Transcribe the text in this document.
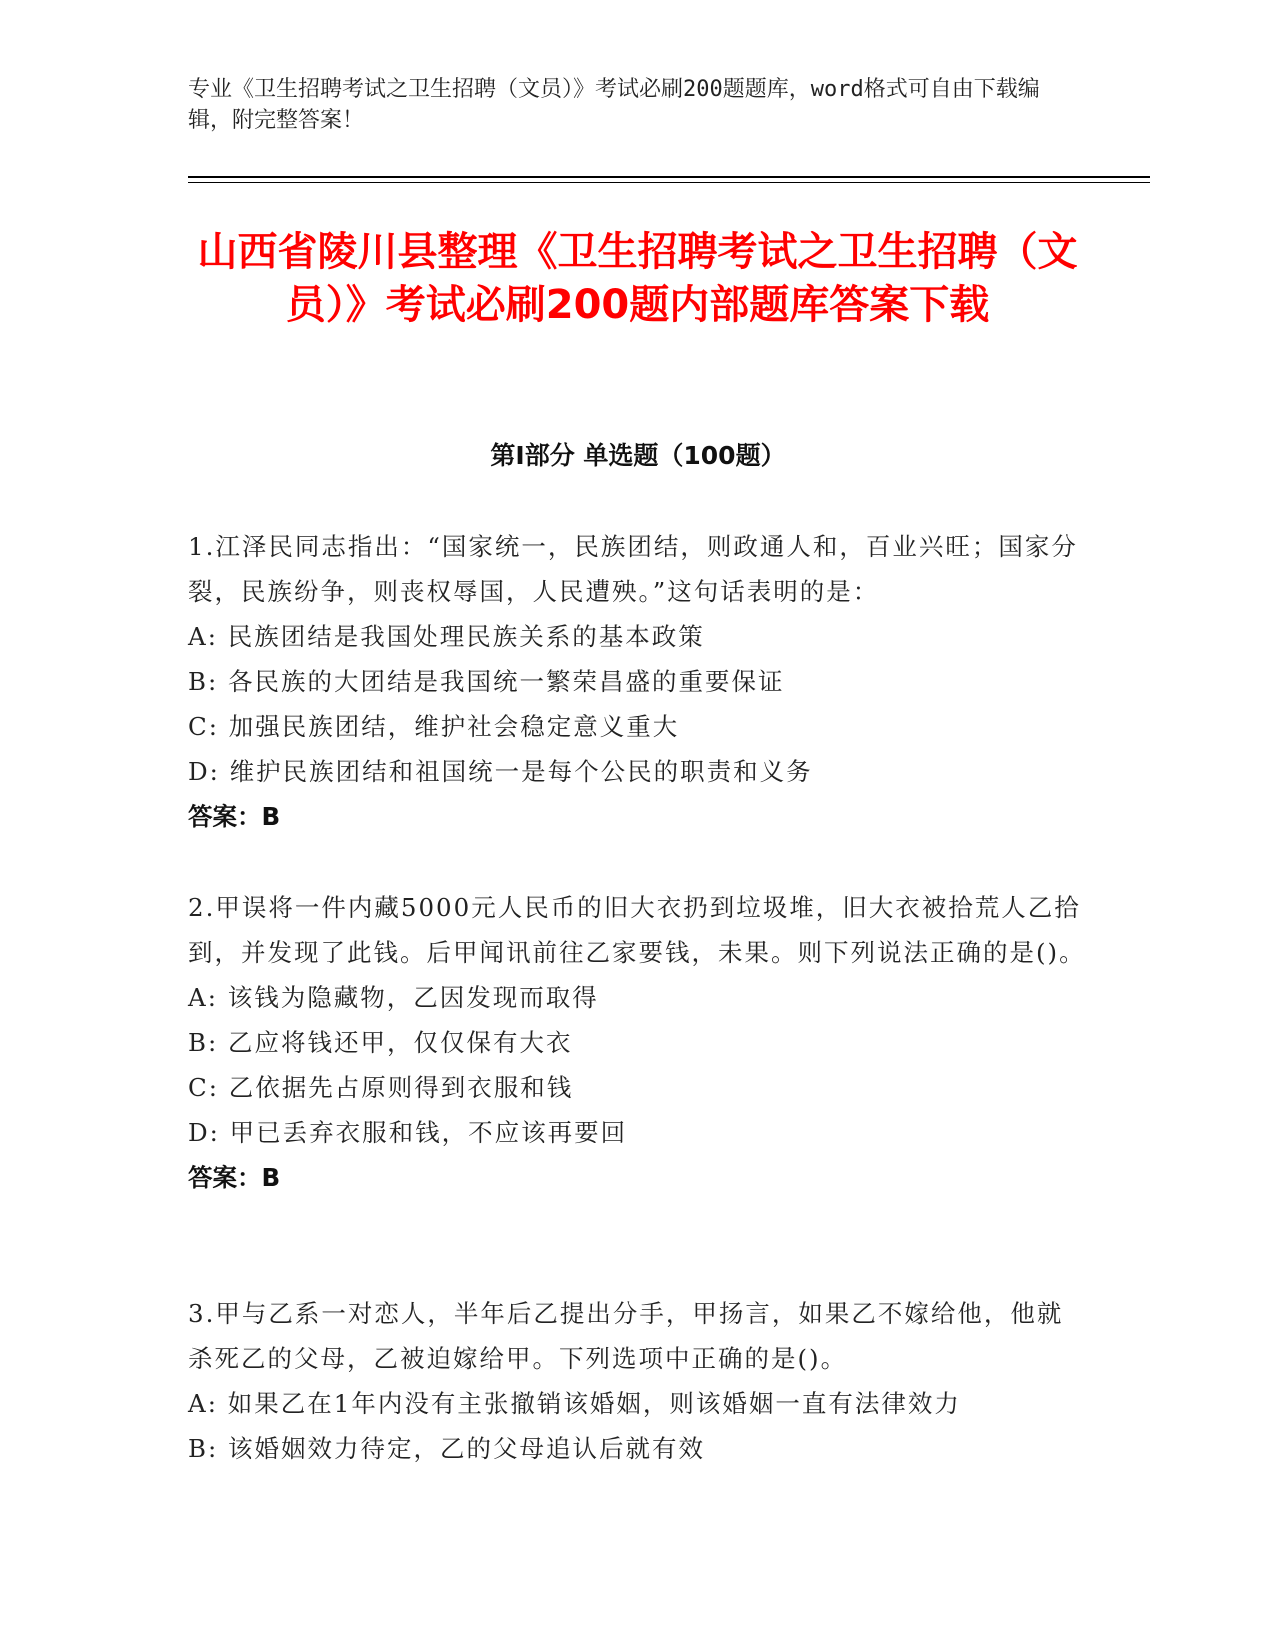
专业《卫生招聘考试之卫生招聘（文员）》考试必刷200题题库，word格式可自由下载编辑，附完整答案！
山西省陵川县整理《卫生招聘考试之卫生招聘（文员）》考试必刷200题内部题库答案下载
第Ⅰ部分 单选题（100题）

1.江泽民同志指出：“国家统一，民族团结，则政通人和，百业兴旺；国家分裂，民族纷争，则丧权辱国，人民遭殃。”这句话表明的是：

A: 民族团结是我国处理民族关系的基本政策

B: 各民族的大团结是我国统一繁荣昌盛的重要保证

C: 加强民族团结，维护社会稳定意义重大

D: 维护民族团结和祖国统一是每个公民的职责和义务

答案：B

2.甲误将一件内藏5000元人民币的旧大衣扔到垃圾堆，旧大衣被拾荒人乙拾到，并发现了此钱。后甲闻讯前往乙家要钱，未果。则下列说法正确的是()。

A: 该钱为隐藏物，乙因发现而取得

B: 乙应将钱还甲，仅仅保有大衣

C: 乙依据先占原则得到衣服和钱

D: 甲已丢弃衣服和钱，不应该再要回

答案：B

3.甲与乙系一对恋人，半年后乙提出分手，甲扬言，如果乙不嫁给他，他就杀死乙的父母，乙被迫嫁给甲。下列选项中正确的是()。

A: 如果乙在1年内没有主张撤销该婚姻，则该婚姻一直有法律效力

B: 该婚姻效力待定，乙的父母追认后就有效
